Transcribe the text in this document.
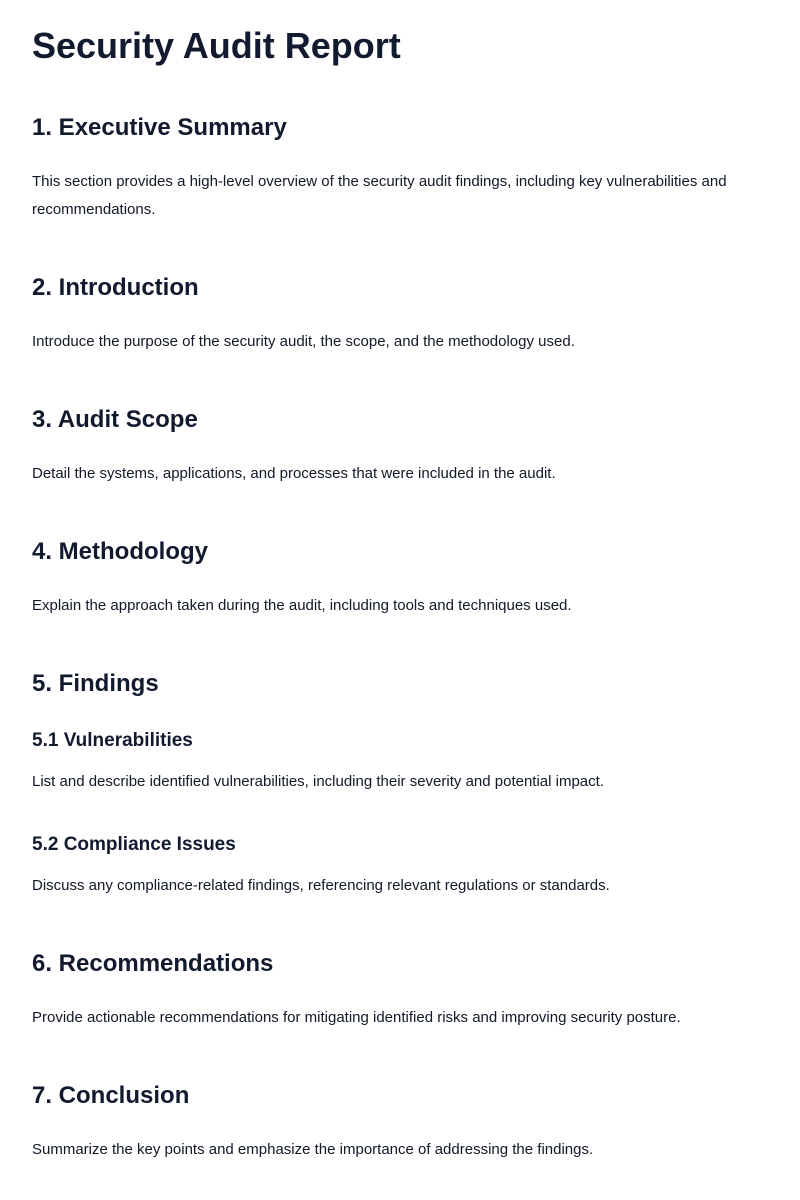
Security Audit Report
1. Executive Summary

This section provides a high-level overview of the security audit findings, including key vulnerabilities and recommendations.

2. Introduction

Introduce the purpose of the security audit, the scope, and the methodology used.

3. Audit Scope

Detail the systems, applications, and processes that were included in the audit.

4. Methodology

Explain the approach taken during the audit, including tools and techniques used.

5. Findings
5.1 Vulnerabilities

List and describe identified vulnerabilities, including their severity and potential impact.

5.2 Compliance Issues

Discuss any compliance-related findings, referencing relevant regulations or standards.

6. Recommendations

Provide actionable recommendations for mitigating identified risks and improving security posture.

7. Conclusion

Summarize the key points and emphasize the importance of addressing the findings.
